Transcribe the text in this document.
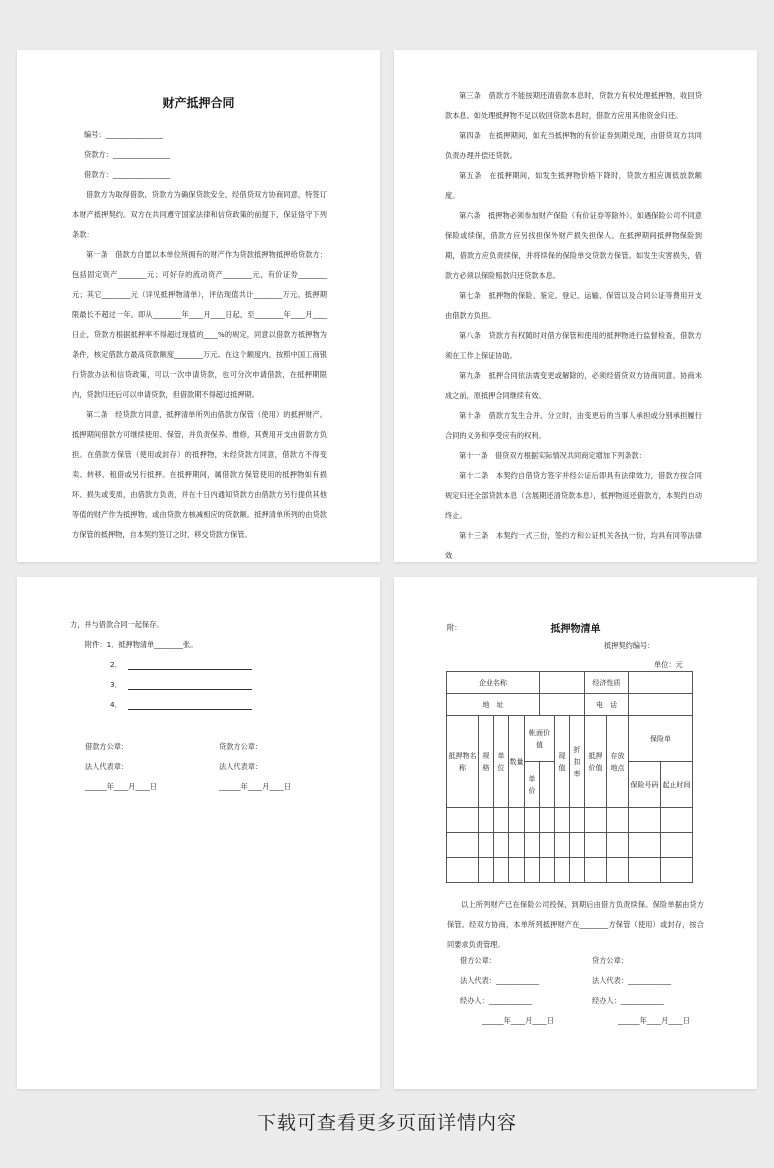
财产抵押合同

编号：________________

贷款方：________________

借款方：________________

借款方为取得借款，贷款方为确保贷款安全，经借贷双方协商同意，特签订本财产抵押契约。双方在共同遵守国家法律和信贷政策的前提下，保证恪守下列条款：

第一条　借款方自愿以本单位所拥有的财产作为贷款抵押物抵押给贷款方：包括固定资产________元；可好存的流动资产________元，有价证券________元；其它________元（详见抵押物清单），评估现值共计________万元。抵押期限最长不超过一年。即从________年____月____日起，至________年____月____日止，贷款方根据抵押率不得超过现值的____%的规定，同意以借款方抵押物为条件，核定借款方最高贷款额度________万元。在这个额度内，按照中国工商银行贷款办法和信贷政策，可以一次申请贷款，也可分次申请借款，在抵押期限内，贷款归还后可以申请贷款，但借款期不得超过抵押期。

第二条　经贷款方同意，抵押清单所列由借款方保管（使用）的抵押财产。抵押期间借款方可继续使用、保管，并负责保养、维修，其费用开支由借款方负担。在借款方保管（使用或封存）的抵押物，未经贷款方同意，借款方不得变卖、转移、租借或另行抵押。在抵押期间，属借款方保管使用的抵押物如有损坏、损失或变质，由借款方负责，并在十日内通知贷款方由借款方另行提供其他等值的财产作为抵押物，或由贷款方核减相应的贷款额。抵押清单所列的由贷款方保管的抵押物，自本契约签订之时，移交贷款方保管。

第三条　借款方不能按期还清借款本息时，贷款方有权处理抵押物，收回贷款本息。如处理抵押物不足以收回贷款本息时，借款方应用其他资金归还。

第四条　在抵押期间，如充当抵押物的有价证券到期兑现，由借贷双方共同负责办理并偿还贷款。

第五条　在抵押期间，如发生抵押物价格下降时，贷款方相应调低放款额度。

第六条　抵押物必须参加财产保险（有价证券等除外）。如遇保险公司不同意保险或续保，借款方应另找担保外财产损失担保人。在抵押期间抵押物保险到期，借款方应负责续保，并将续保的保险单交贷款方保管。如发生灾害损失，借款方必须以保险赔款归还贷款本息。

第七条　抵押物的保险、鉴定、登记、运输、保管以及合同公证等费用开支由借款方负担。

第八条　贷款方有权随时对借方保管和使用的抵押物进行监督检查，借款方须在工作上保证协助。

第九条　抵押合同依法需变更或解除的，必须经借贷双方协商同意。协商未成之前，原抵押合同继续有效。

第十条　借款方发生合并、分立时，由变更后的当事人承担或分别承担履行合同的义务和享受应有的权利。

第十一条　借贷双方根据实际情况共同商定增加下列条款：

第十二条　本契约自借贷方签字并经公证后即具有法律效力，借款方按合同规定归还全部贷款本息（含展期还清贷款本息），抵押物返还借款方，本契约自动终止。

第十三条　本契约一式三份，签约方和公证机关各执一份，均具有同等法律效

力，并与借款合同一起保存。

附件：1．抵押物清单________张。

2．

3．

4．

借款方公章：

法人代表章：

______年____月____日

贷款方公章：

法人代表章：

______年____月____日

附：	抵押物清单
抵押契约编号：
单位：元

以上所列财产已在保险公司投保，到期后由借方负责续保。保险单据由贷方保管。经双方协商，本单所列抵押财产在________方保管（使用）或封存，按合同要求负责管理。

借方公章：

法人代表：____________

经办人：____________

______年____月____日

贷方公章：

法人代表：____________

经办人：____________

______年____月____日

企业名称								经济性质			
地　址								电　话			
抵押物名称	规格	单位	数量	帐面价值		现值	折扣率	抵押价值	存放地点	保险单	
				单价						保险号码	起止时间

下载可查看更多页面详情内容
